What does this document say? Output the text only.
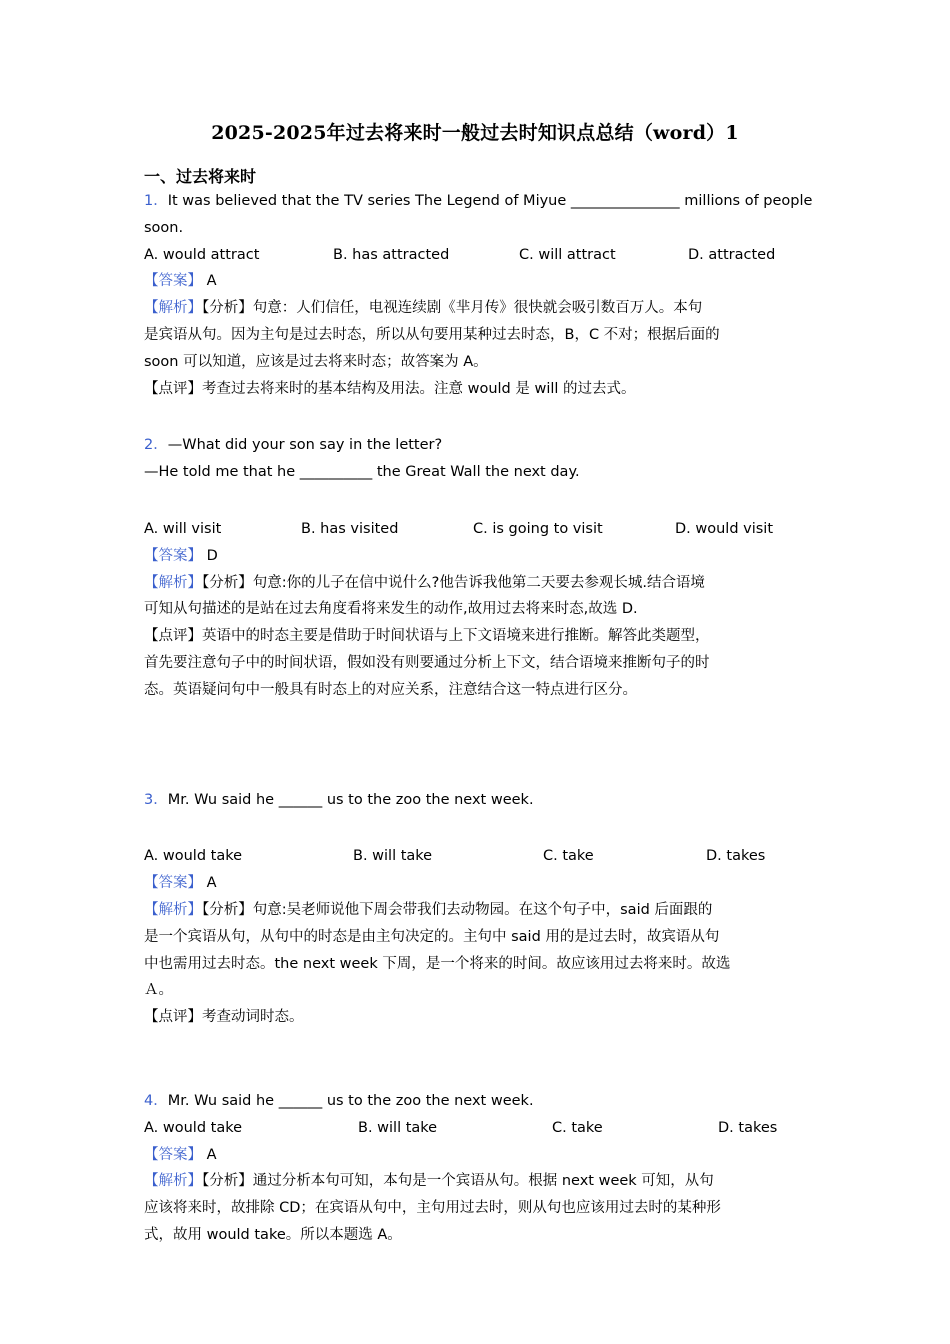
2025-2025年过去将来时一般过去时知识点总结（word）1
一、过去将来时

1．It was believed that the TV series The Legend of Miyue _______________ millions of people

soon.

A. would attract	B. has attracted	C. will attract	D. attracted

【答案】 A

【解析】【分析】句意：人们信任，电视连续剧《芈月传》很快就会吸引数百万人。本句

是宾语从句。因为主句是过去时态，所以从句要用某种过去时态，B，C 不对；根据后面的

soon 可以知道，应该是过去将来时态；故答案为 A。

【点评】考查过去将来时的基本结构及用法。注意 would 是 will 的过去式。

2．—What did your son say in the letter?

—He told me that he __________ the Great Wall the next day.

A. will visit	B. has visited	C. is going to visit	D. would visit

【答案】 D

【解析】【分析】句意:你的儿子在信中说什么?他告诉我他第二天要去参观长城.结合语境

可知从句描述的是站在过去角度看将来发生的动作,故用过去将来时态,故选 D.

【点评】英语中的时态主要是借助于时间状语与上下文语境来进行推断。解答此类题型，

首先要注意句子中的时间状语，假如没有则要通过分析上下文，结合语境来推断句子的时

态。英语疑问句中一般具有时态上的对应关系，注意结合这一特点进行区分。

3．Mr. Wu said he ______ us to the zoo the next week.

A. would take	B. will take	C. take	D. takes

【答案】 A

【解析】【分析】句意:吴老师说他下周会带我们去动物园。在这个句子中，said 后面跟的

是一个宾语从句，从句中的时态是由主句决定的。主句中 said 用的是过去时，故宾语从句

中也需用过去时态。the next week 下周，是一个将来的时间。故应该用过去将来时。故选

Ａ。

【点评】考查动词时态。

4．Mr. Wu said he ______ us to the zoo the next week.

A. would take	B. will take	C. take	D. takes

【答案】 A

【解析】【分析】通过分析本句可知，本句是一个宾语从句。根据 next week 可知，从句

应该将来时，故排除 CD；在宾语从句中，主句用过去时，则从句也应该用过去时的某种形

式，故用 would take。所以本题选 A。
